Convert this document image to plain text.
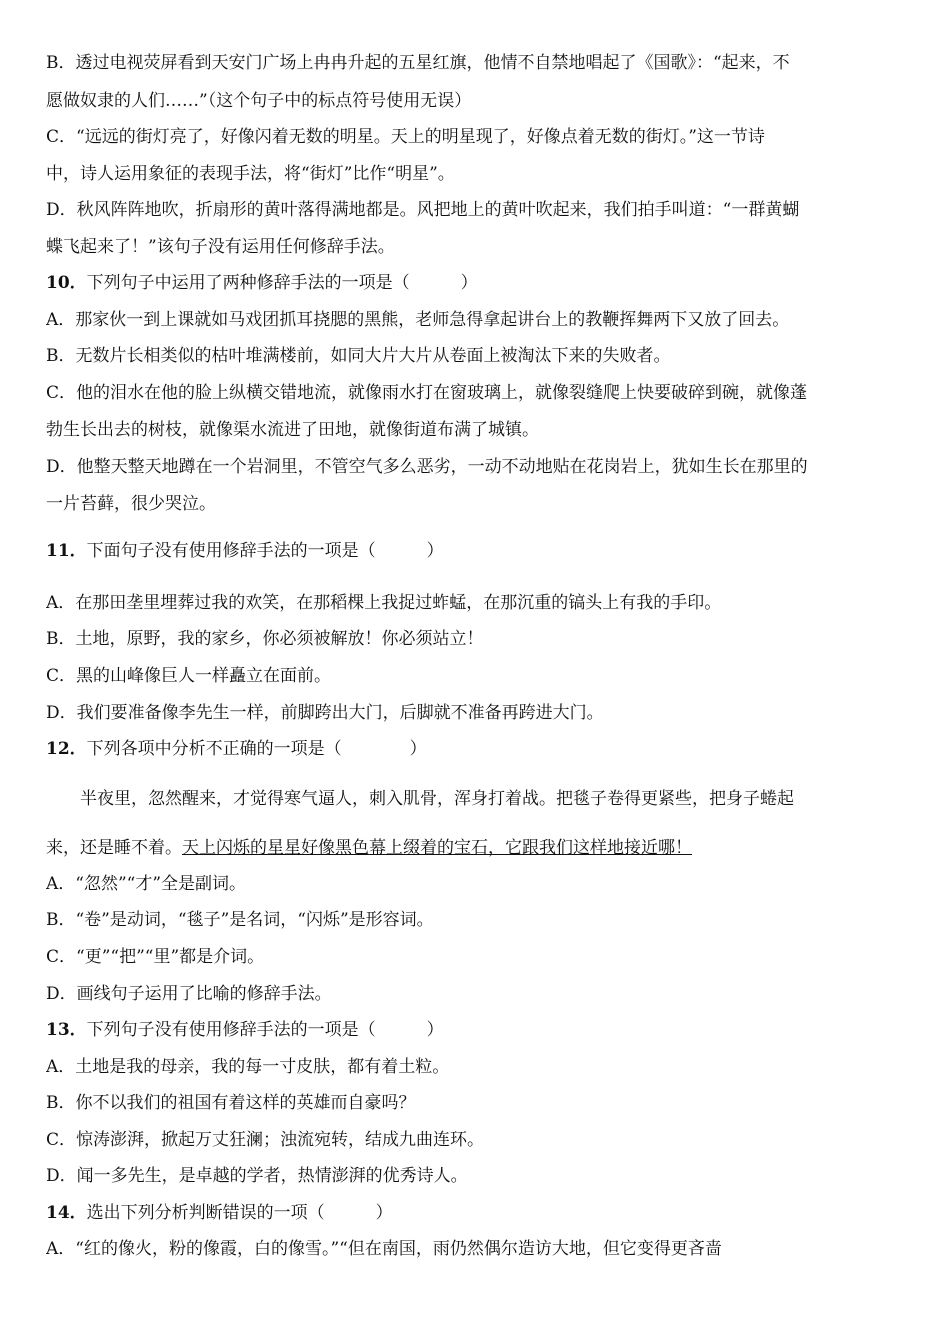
B．透过电视荧屏看到天安门广场上冉冉升起的五星红旗，他情不自禁地唱起了《国歌》：“起来，不
愿做奴隶的人们……”（这个句子中的标点符号使用无误）
C．“远远的街灯亮了，好像闪着无数的明星。天上的明星现了，好像点着无数的街灯。”这一节诗
中，诗人运用象征的表现手法，将“街灯”比作“明星”。
D．秋风阵阵地吹，折扇形的黄叶落得满地都是。风把地上的黄叶吹起来，我们拍手叫道：“一群黄蝴
蝶飞起来了！”该句子没有运用任何修辞手法。
10．下列句子中运用了两种修辞手法的一项是（　　　）
A．那家伙一到上课就如马戏团抓耳挠腮的黑熊，老师急得拿起讲台上的教鞭挥舞两下又放了回去。
B．无数片长相类似的枯叶堆满楼前，如同大片大片从卷面上被淘汰下来的失败者。
C．他的泪水在他的脸上纵横交错地流，就像雨水打在窗玻璃上，就像裂缝爬上快要破碎到碗，就像蓬
勃生长出去的树枝，就像渠水流进了田地，就像街道布满了城镇。
D．他整天整天地蹲在一个岩洞里，不管空气多么恶劣，一动不动地贴在花岗岩上，犹如生长在那里的
一片苔藓，很少哭泣。
11．下面句子没有使用修辞手法的一项是（　　　）
A．在那田垄里埋葬过我的欢笑，在那稻棵上我捉过蚱蜢，在那沉重的镐头上有我的手印。
B．土地，原野，我的家乡，你必须被解放！你必须站立！
C．黑的山峰像巨人一样矗立在面前。
D．我们要准备像李先生一样，前脚跨出大门，后脚就不准备再跨进大门。
12．下列各项中分析不正确的一项是（　　　　）
半夜里，忽然醒来，才觉得寒气逼人，刺入肌骨，浑身打着战。把毯子卷得更紧些，把身子蜷起
来，还是睡不着。天上闪烁的星星好像黑色幕上缀着的宝石，它跟我们这样地接近哪！
A．“忽然”“才”全是副词。
B．“卷”是动词，“毯子”是名词，“闪烁”是形容词。
C．“更”“把”“里”都是介词。
D．画线句子运用了比喻的修辞手法。
13．下列句子没有使用修辞手法的一项是（　　　）
A．土地是我的母亲，我的每一寸皮肤，都有着土粒。
B．你不以我们的祖国有着这样的英雄而自豪吗？
C．惊涛澎湃，掀起万丈狂澜；浊流宛转，结成九曲连环。
D．闻一多先生，是卓越的学者，热情澎湃的优秀诗人。
14．选出下列分析判断错误的一项（　　　）
A．“红的像火，粉的像霞，白的像雪。”“但在南国，雨仍然偶尔造访大地，但它变得更吝啬
